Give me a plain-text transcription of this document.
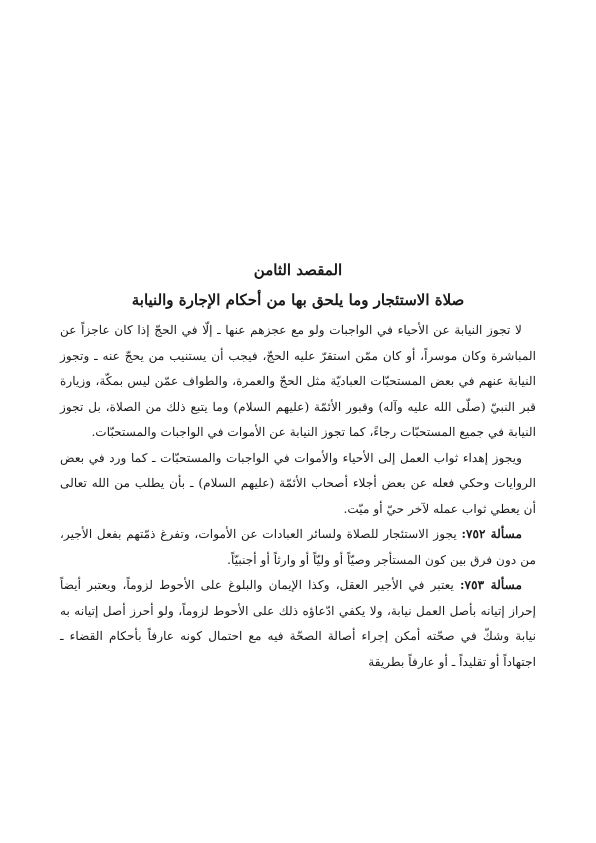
المقصد الثامن
صلاة الاستئجار وما يلحق بها من أحكام الإجارة والنيابة

لا تجوز النيابة عن الأحياء في الواجبات ولو مع عجزهم عنها ـ إلّا في الحجّ إذا كان عاجزاً عن المباشرة وكان موسراً، أو كان ممّن استقرّ عليه الحجّ، فيجب أن يستنيب من يحجّ عنه ـ وتجوز النيابة عنهم في بعض المستحبّات العباديّة مثل الحجّ والعمرة، والطواف عمّن ليس بمكّة، وزيارة قبر النبيّ (صلّى الله عليه وآله) وقبور الأئمّة (عليهم السلام) وما يتبع ذلك من الصلاة، بل تجوز النيابة في جميع المستحبّات رجاءً، كما تجوز النيابة عن الأموات في الواجبات والمستحبّات.

ويجوز إهداء ثواب العمل إلى الأحياء والأموات في الواجبات والمستحبّات ـ كما ورد في بعض الروايات وحكي فعله عن بعض أجلاء أصحاب الأئمّة (عليهم السلام) ـ بأن يطلب من الله تعالى أن يعطي ثواب عمله لآخر حيّ أو ميّت.

مسألة ٧٥٢: يجوز الاستئجار للصلاة ولسائر العبادات عن الأموات، وتفرغ ذمّتهم بفعل الأجير، من دون فرق بين كون المستأجر وصيّاً أو وليّاً أو وارثاً أو أجنبيّاً.

مسألة ٧٥٣: يعتبر في الأجير العقل، وكذا الإيمان والبلوغ على الأحوط لزوماً، ويعتبر أيضاً إحراز إتيانه بأصل العمل نيابة، ولا يكفي ادّعاؤه ذلك على الأحوط لزوماً، ولو أحرز أصل إتيانه به نيابة وشكّ في صحّته أمكن إجراء أصالة الصحّة فيه مع احتمال كونه عارفاً بأحكام القضاء ـ اجتهاداً أو تقليداً ـ أو عارفاً بطريقة
